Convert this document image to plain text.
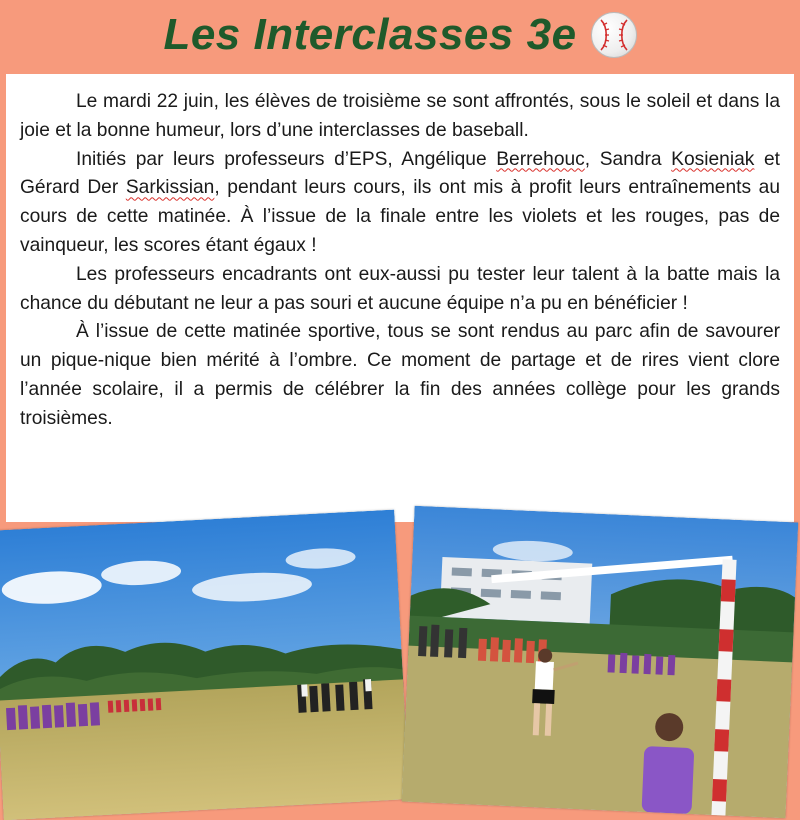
Les Interclasses 3e

Le mardi 22 juin, les élèves de troisième se sont affrontés, sous le soleil et dans la joie et la bonne humeur, lors d’une interclasses de baseball.

Initiés par leurs professeurs d’EPS, Angélique Berrehouc, Sandra Kosieniak et Gérard Der Sarkissian, pendant leurs cours, ils ont mis à profit leurs entraînements au cours de cette matinée. À l’issue de la finale entre les violets et les rouges, pas de vainqueur, les scores étant égaux !

Les professeurs encadrants ont eux-aussi pu tester leur talent à la batte mais la chance du débutant ne leur a pas souri et aucune équipe n’a pu en bénéficier !

À l’issue de cette matinée sportive, tous se sont rendus au parc afin de savourer un pique-nique bien mérité à l’ombre. Ce moment de partage et de rires vient clore l’année scolaire, il a permis de célébrer la fin des années collège pour les grands troisièmes.
